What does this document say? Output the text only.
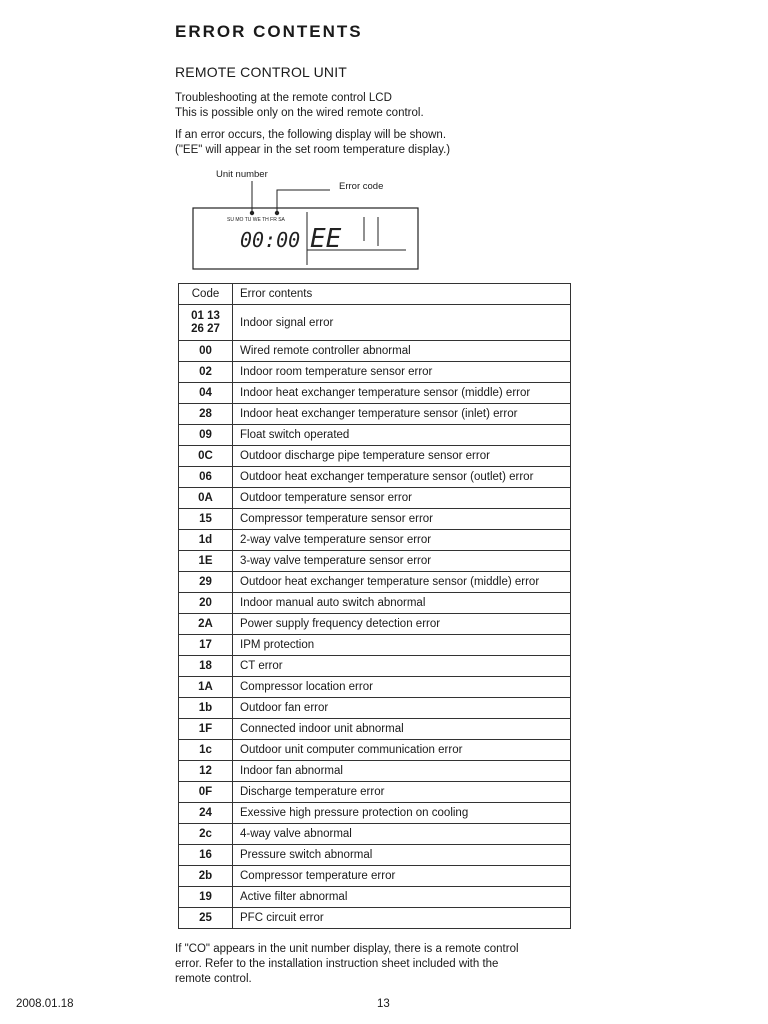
ERROR CONTENTS
REMOTE CONTROL UNIT
Troubleshooting at the remote control LCD
This is possible only on the wired remote control.
If an error occurs, the following display will be shown.
("EE" will appear in the set room temperature display.)
Unit number
Error code
SU MO TU WE TH FR SA
00:00 EE
Code	Error contents

01 13
26 27	Indoor signal error
00	Wired remote controller abnormal
02	Indoor room temperature sensor error
04	Indoor heat exchanger temperature sensor (middle) error
28	Indoor heat exchanger temperature sensor (inlet) error
09	Float switch operated
0C	Outdoor discharge pipe temperature sensor error
06	Outdoor heat exchanger temperature sensor (outlet) error
0A	Outdoor temperature sensor error
15	Compressor temperature sensor error
1d	2-way valve temperature sensor error
1E	3-way valve temperature sensor error
29	Outdoor heat exchanger temperature sensor (middle) error
20	Indoor manual auto switch abnormal
2A	Power supply frequency detection error
17	IPM protection
18	CT error
1A	Compressor location error
1b	Outdoor fan error
1F	Connected indoor unit abnormal
1c	Outdoor unit computer communication error
12	Indoor fan abnormal
0F	Discharge temperature error
24	Exessive high pressure protection on cooling
2c	4-way valve abnormal
16	Pressure switch abnormal
2b	Compressor temperature error
19	Active filter abnormal
25	PFC circuit error
If "CO" appears in the unit number display, there is a remote control
error. Refer to the installation instruction sheet included with the
remote control.
2008.01.18	13
